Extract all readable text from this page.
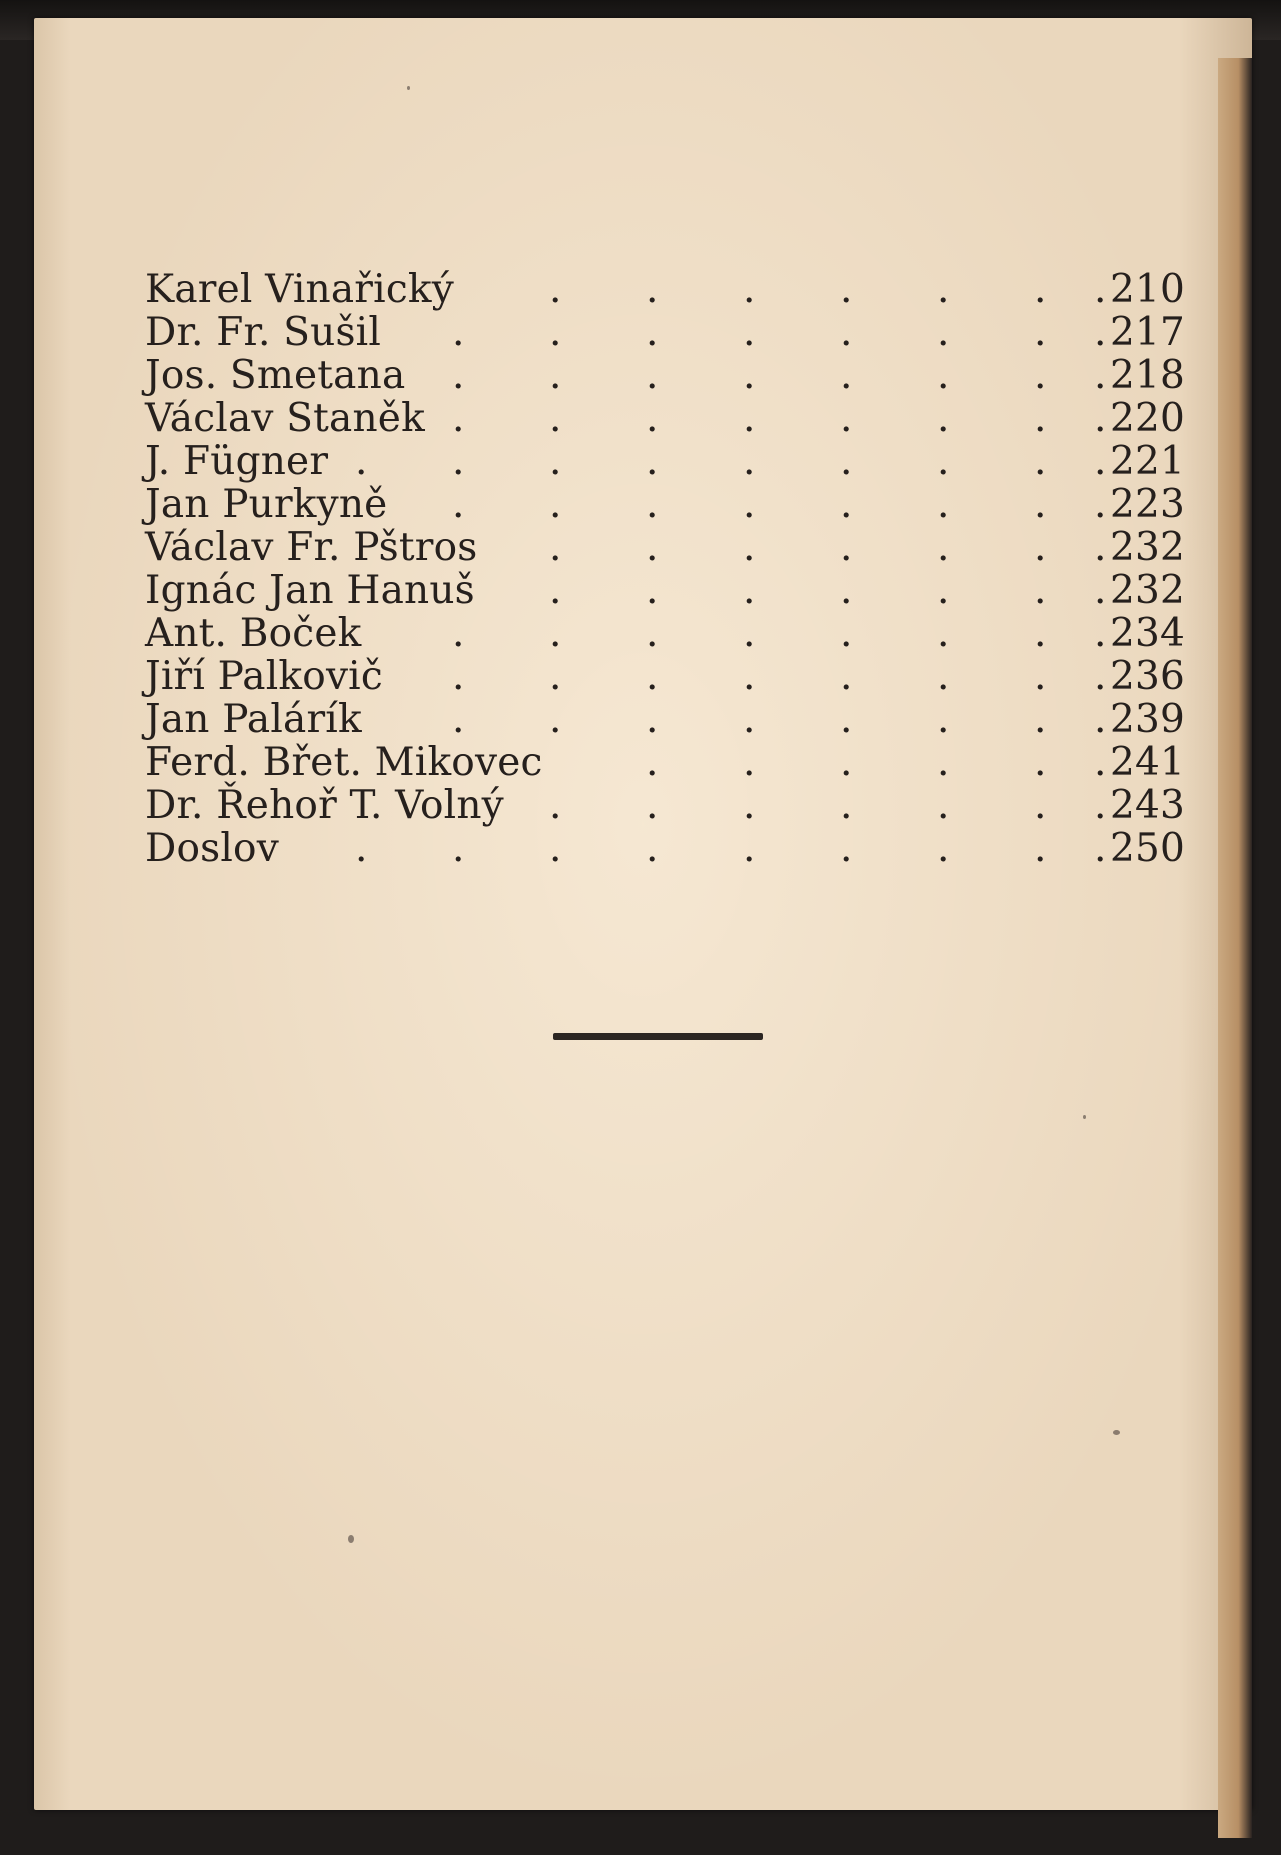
Karel Vinařický	210
. . . . . . .
Dr. Fr. Sušil	217
. . . . . . . .
Jos. Smetana	218
. . . . . . . .
Václav Staněk	220
. . . . . . . .
J. Fügner	221
. . . . . . . . .
Jan Purkyně	223
. . . . . . . .
Václav Fr. Pštros	232
. . . . . . .
Ignác Jan Hanuš	232
. . . . . . .
Ant. Boček	234
. . . . . . . .
Jiří Palkovič	236
. . . . . . . .
Jan Palárík	239
. . . . . . . .
Ferd. Břet. Mikovec	241
. . . . . .
Dr. Řehoř T. Volný	243
. . . . . . .
Doslov	250
. . . . . . . . .
